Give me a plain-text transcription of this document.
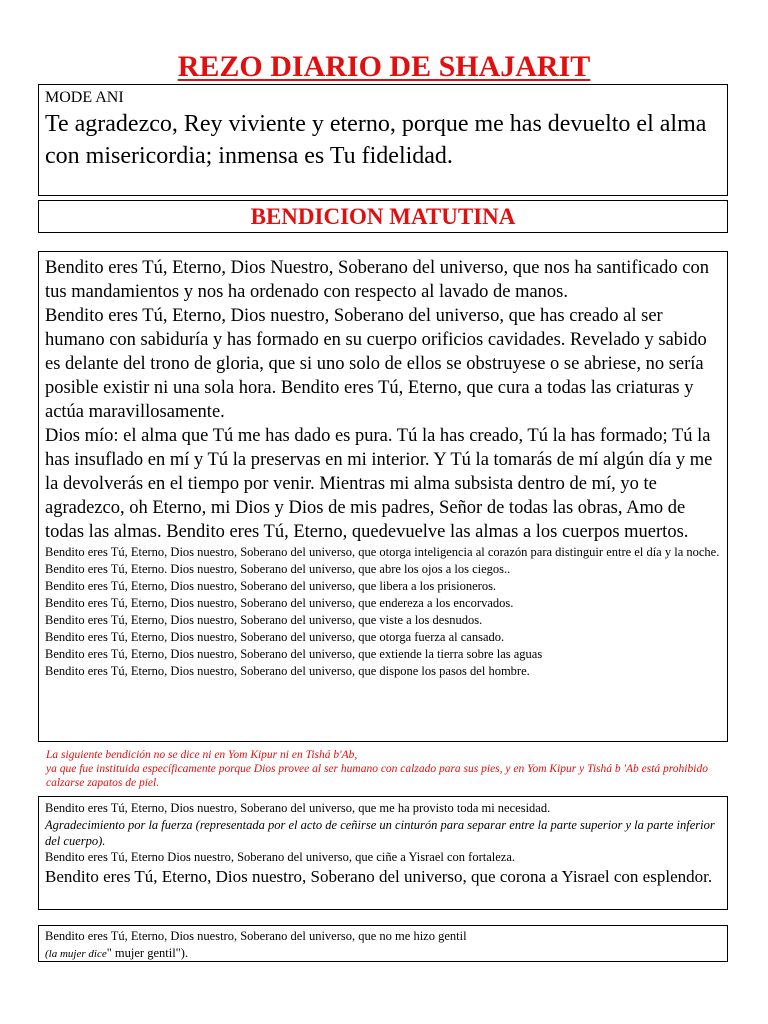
REZO DIARIO DE SHAJARIT
MODE ANI
Te agradezco, Rey viviente y eterno, porque me has devuelto el alma con misericordia; inmensa es Tu fidelidad.
BENDICION MATUTINA

Bendito eres Tú, Eterno, Dios Nuestro, Soberano del universo, que nos ha santificado con tus mandamientos y nos ha ordenado con respecto al lavado de manos.

Bendito eres Tú, Eterno, Dios nuestro, Soberano del universo, que has creado al ser humano con sabiduría y has formado en su cuerpo orificios cavidades. Revelado y sabido es delante del trono de gloria, que si uno solo de ellos se obstruyese o se abriese, no sería posible existir ni una sola hora. Bendito eres Tú, Eterno, que cura a todas las criaturas y actúa maravillosamente.

Dios mío: el alma que Tú me has dado es pura. Tú la has creado, Tú la has formado; Tú la has insuflado en mí y Tú la preservas en mi interior. Y Tú la tomarás de mí algún día y me la devolverás en el tiempo por venir. Mientras mi alma subsista dentro de mí, yo te agradezco, oh Eterno, mi Dios y Dios de mis padres, Señor de todas las obras, Amo de todas las almas. Bendito eres Tú, Eterno, quedevuelve las almas a los cuerpos muertos.

Bendito eres Tú, Eterno, Dios nuestro, Soberano del universo, que otorga inteligencia al corazón para distinguir entre el día y la noche.

Bendito eres Tú, Eterno. Dios nuestro, Soberano del universo, que abre los ojos a los ciegos..

Bendito eres Tú, Eterno, Dios nuestro, Soberano del universo, que libera a los prisioneros.

Bendito eres Tú, Eterno, Dios nuestro, Soberano del universo, que endereza a los encorvados.

Bendito eres Tú, Eterno, Dios nuestro, Soberano del universo, que viste a los desnudos.

Bendito eres Tú, Eterno, Dios nuestro, Soberano del universo, que otorga fuerza al cansado.

Bendito eres Tú, Eterno, Dios nuestro, Soberano del universo, que extiende la tierra sobre las aguas

Bendito eres Tú, Eterno, Dios nuestro, Soberano del universo, que dispone los pasos del hombre.

La siguiente bendición no se dice ni en Yom Kipur ni en Tishá b'Ab,
ya que fue instituida específicamente porque Dios provee al ser humano con calzado para sus pies, y en Yom Kipur y Tishá b 'Ab está prohibido calzarse zapatos de piel.

Bendito eres Tú, Eterno, Dios nuestro, Soberano del universo, que me ha provisto toda mi necesidad.

Agradecimiento por la fuerza (representada por el acto de ceñirse un cinturón para separar entre la parte superior y la parte inferior del cuerpo).

Bendito eres Tú, Eterno Dios nuestro, Soberano del universo, que ciñe a Yisrael con fortaleza.

Bendito eres Tú, Eterno, Dios nuestro, Soberano del universo, que corona a Yisrael con esplendor.

Bendito eres Tú, Eterno, Dios nuestro, Soberano del universo, que no me hizo gentil

(la mujer dice" mujer gentil").
